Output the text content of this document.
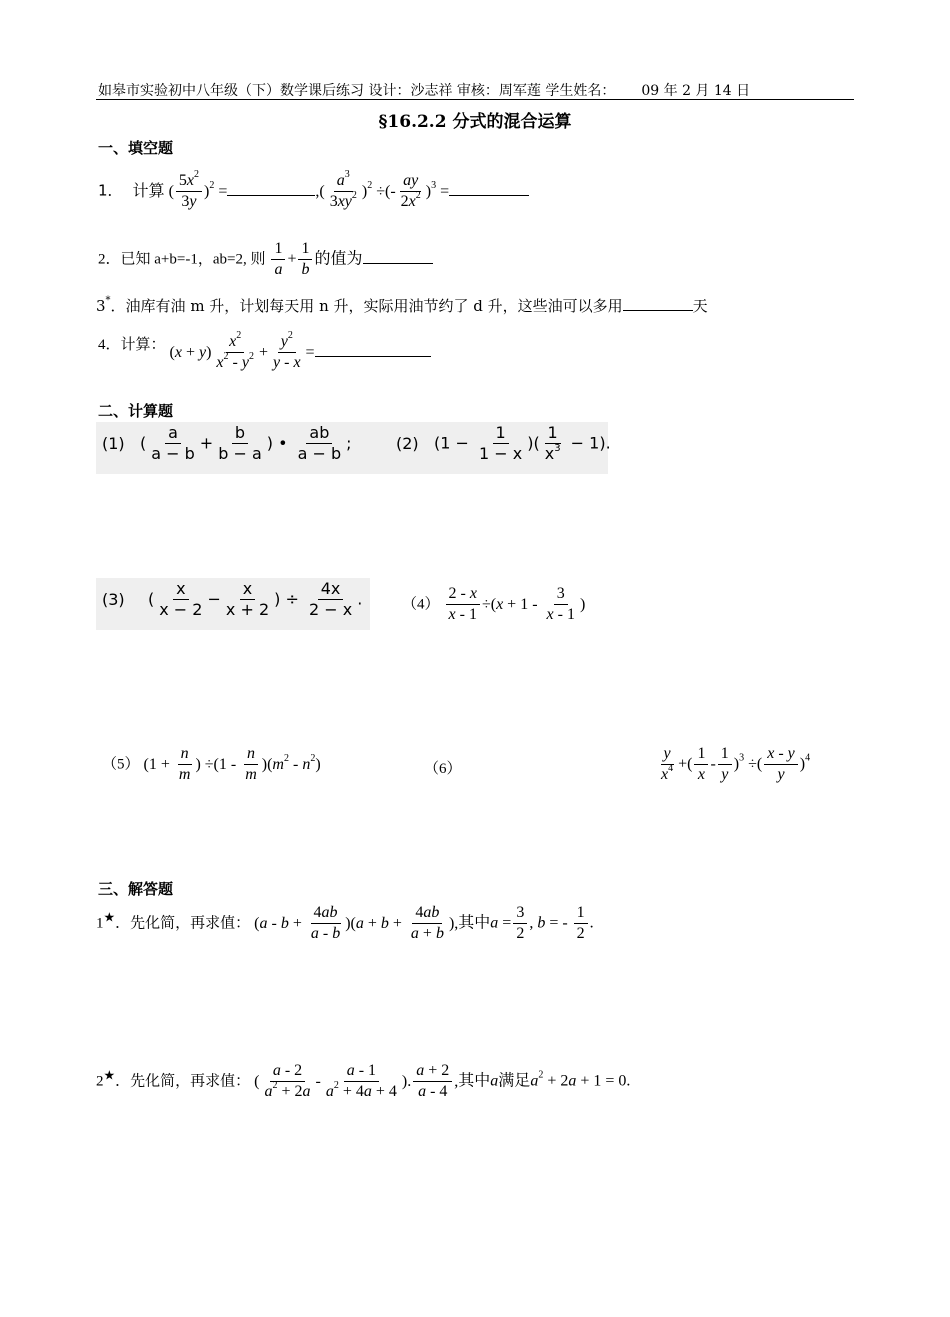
如皋市实验初中八年级（下）数学课后练习 设计：沙志祥 审核：周军莲 学生姓名： 09 年 2 月 14 日
§16.2.2 分式的混合运算
一、填空题
1． 计算 ( $\frac{5x^2}{3y} )^2$ =	,( $\frac{a^3}{3xy^2} )^2$ ÷(- $\frac{ay}{2x^2} )^3$ =
2．已知 a+b=-1，ab=2, 则 $\frac{1}{a} + \frac{1}{b}$ 的值为
3*．油库有油 m 升，计划每天用 n 升，实际用油节约了 d 升，这些油可以多用	天
4．计算： $(x + y) \frac{x^2}{x^2 - y^2} + \frac{y^2}{y - x}$ =
二、计算题
(1) ( $\frac{a}{a - b} + \frac{b}{b - a}$ ) • $\frac{ab}{a - b}$ ;	(2) ($1 - \frac{1}{1 - x}$ )( $\frac{1}{x^3} - 1$).
(3) ( $\frac{x}{x - 2} - \frac{x}{x + 2}$ ) ÷ $\frac{4x}{2 - x}$ .	$(4) \frac{2 - x}{x - 1} \div(x + 1 - \frac{3}{x - 1}$ )
（5） ($1 + \frac{n}{m}$ ) $\div(1 - \frac{n}{m} )(m^2 - n^2)$	（6）	$\frac{y}{x^4}$ +( $\frac{1}{x} - \frac{1}{y} )^3$ ÷( $\frac{x - y}{y} )^4$
三、解答题
1★．先化简，再求值： $(a - b + \frac{4ab}{a - b} )(a + b + \frac{4ab}{a + b}$ ),其中$a = \frac{3}{2}$ , b = - $\frac{1}{2}$ .
2★．先化简，再求值： ( $\frac{a - 2}{a^2 + 2a} - \frac{a - 1}{a^2 + 4a + 4}$ ). $\frac{a + 2}{a - 4}$ ,其中a满足$a^2 + 2a + 1 = 0$.
